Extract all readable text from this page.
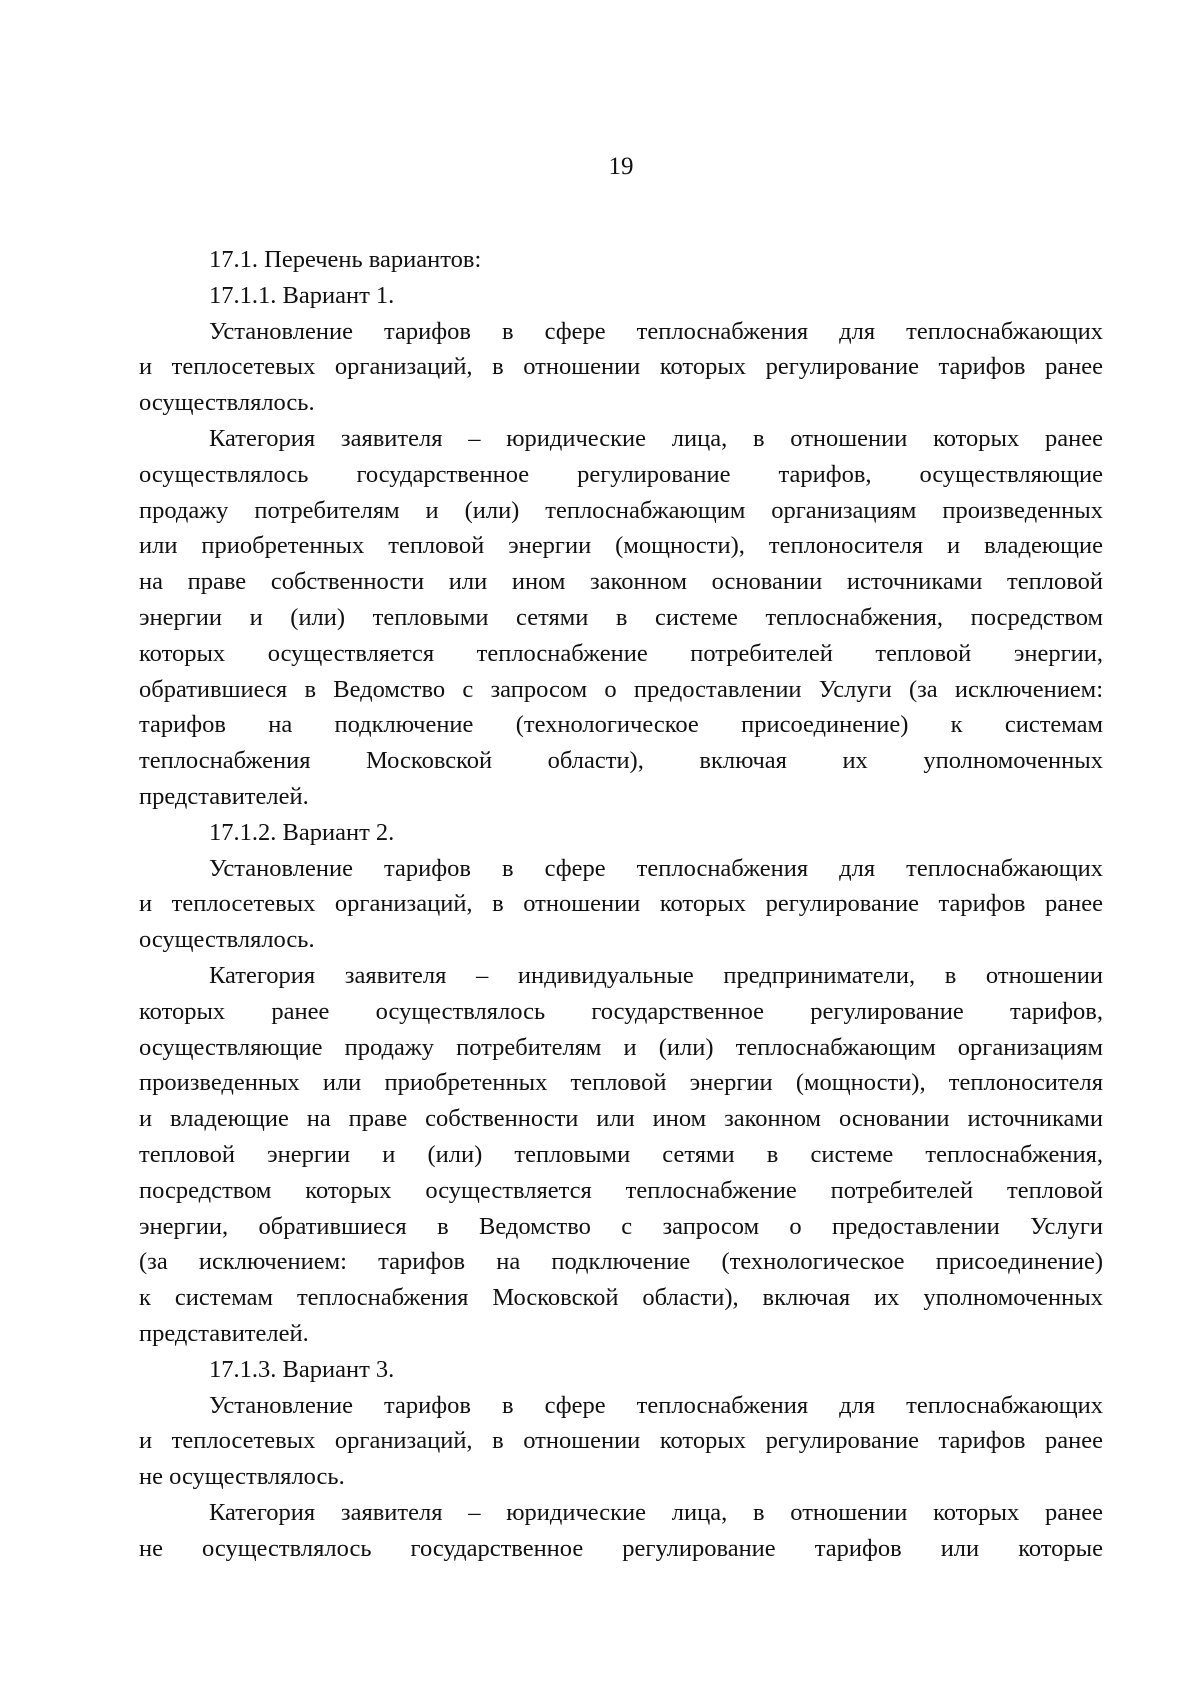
19
17.1. Перечень вариантов:
17.1.1. Вариант 1.
Установление тарифов в сфере теплоснабжения для теплоснабжающих
и теплосетевых организаций, в отношении которых регулирование тарифов ранее
осуществлялось.
Категория заявителя – юридические лица, в отношении которых ранее
осуществлялось государственное регулирование тарифов, осуществляющие
продажу потребителям и (или) теплоснабжающим организациям произведенных
или приобретенных тепловой энергии (мощности), теплоносителя и владеющие
на праве собственности или ином законном основании источниками тепловой
энергии и (или) тепловыми сетями в системе теплоснабжения, посредством
которых осуществляется теплоснабжение потребителей тепловой энергии,
обратившиеся в Ведомство с запросом о предоставлении Услуги (за исключением:
тарифов на подключение (технологическое присоединение) к системам
теплоснабжения Московской области), включая их уполномоченных
представителей.
17.1.2. Вариант 2.
Установление тарифов в сфере теплоснабжения для теплоснабжающих
и теплосетевых организаций, в отношении которых регулирование тарифов ранее
осуществлялось.
Категория заявителя – индивидуальные предприниматели, в отношении
которых ранее осуществлялось государственное регулирование тарифов,
осуществляющие продажу потребителям и (или) теплоснабжающим организациям
произведенных или приобретенных тепловой энергии (мощности), теплоносителя
и владеющие на праве собственности или ином законном основании источниками
тепловой энергии и (или) тепловыми сетями в системе теплоснабжения,
посредством которых осуществляется теплоснабжение потребителей тепловой
энергии, обратившиеся в Ведомство с запросом о предоставлении Услуги
(за исключением: тарифов на подключение (технологическое присоединение)
к системам теплоснабжения Московской области), включая их уполномоченных
представителей.
17.1.3. Вариант 3.
Установление тарифов в сфере теплоснабжения для теплоснабжающих
и теплосетевых организаций, в отношении которых регулирование тарифов ранее
не осуществлялось.
Категория заявителя – юридические лица, в отношении которых ранее
не осуществлялось государственное регулирование тарифов или которые
